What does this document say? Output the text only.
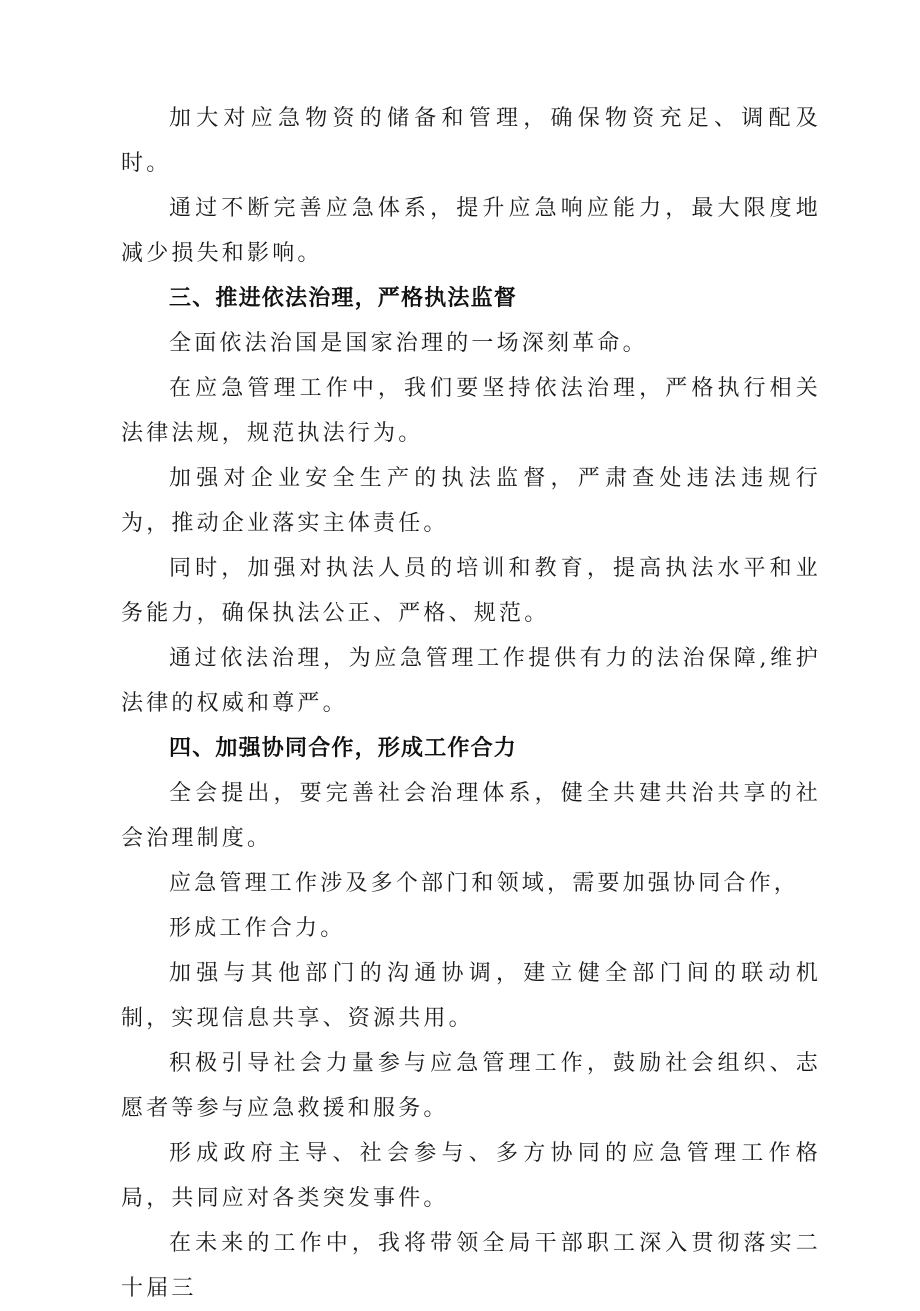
加大对应急物资的储备和管理，确保物资充足、调配及时。

通过不断完善应急体系，提升应急响应能力，最大限度地减少损失和影响。

三、推进依法治理，严格执法监督

全面依法治国是国家治理的一场深刻革命。

在应急管理工作中，我们要坚持依法治理，严格执行相关法律法规，规范执法行为。

加强对企业安全生产的执法监督，严肃查处违法违规行为，推动企业落实主体责任。

同时，加强对执法人员的培训和教育，提高执法水平和业务能力，确保执法公正、严格、规范。

通过依法治理，为应急管理工作提供有力的法治保障,维护法律的权威和尊严。

四、加强协同合作，形成工作合力

全会提出，要完善社会治理体系，健全共建共治共享的社会治理制度。

应急管理工作涉及多个部门和领域，需要加强协同合作，

形成工作合力。

加强与其他部门的沟通协调，建立健全部门间的联动机制，实现信息共享、资源共用。

积极引导社会力量参与应急管理工作，鼓励社会组织、志愿者等参与应急救援和服务。

形成政府主导、社会参与、多方协同的应急管理工作格局，共同应对各类突发事件。

在未来的工作中，我将带领全局干部职工深入贯彻落实二十届三
